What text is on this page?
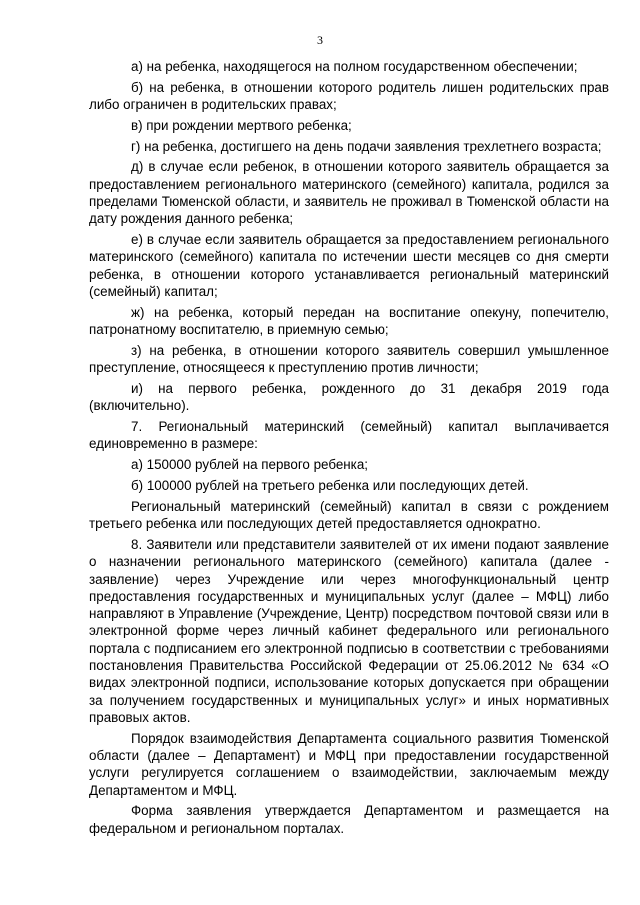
3

а) на ребенка, находящегося на полном государственном обеспечении;

б) на ребенка, в отношении которого родитель лишен родительских прав либо ограничен в родительских правах;

в) при рождении мертвого ребенка;

г) на ребенка, достигшего на день подачи заявления трехлетнего возраста;

д) в случае если ребенок, в отношении которого заявитель обращается за предоставлением регионального материнского (семейного) капитала, родился за пределами Тюменской области, и заявитель не проживал в Тюменской области на дату рождения данного ребенка;

е) в случае если заявитель обращается за предоставлением регионального материнского (семейного) капитала по истечении шести месяцев со дня смерти ребенка, в отношении которого устанавливается региональный материнский (семейный) капитал;

ж) на ребенка, который передан на воспитание опекуну, попечителю, патронатному воспитателю, в приемную семью;

з) на ребенка, в отношении которого заявитель совершил умышленное преступление, относящееся к преступлению против личности;

и) на первого ребенка, рожденного до 31 декабря 2019 года (включительно).

7. Региональный материнский (семейный) капитал выплачивается единовременно в размере:

а) 150000 рублей на первого ребенка;

б) 100000 рублей на третьего ребенка или последующих детей.

Региональный материнский (семейный) капитал в связи с рождением третьего ребенка или последующих детей предоставляется однократно.

8. Заявители или представители заявителей от их имени подают заявление о назначении регионального материнского (семейного) капитала (далее - заявление) через Учреждение или через многофункциональный центр предоставления государственных и муниципальных услуг (далее – МФЦ) либо направляют в Управление (Учреждение, Центр) посредством почтовой связи или в электронной форме через личный кабинет федерального или регионального портала с подписанием его электронной подписью в соответствии с требованиями постановления Правительства Российской Федерации от 25.06.2012 № 634 «О видах электронной подписи, использование которых допускается при обращении за получением государственных и муниципальных услуг» и иных нормативных правовых актов.

Порядок взаимодействия Департамента социального развития Тюменской области (далее – Департамент) и МФЦ при предоставлении государственной услуги регулируется соглашением о взаимодействии, заключаемым между Департаментом и МФЦ.

Форма заявления утверждается Департаментом и размещается на федеральном и региональном порталах.
